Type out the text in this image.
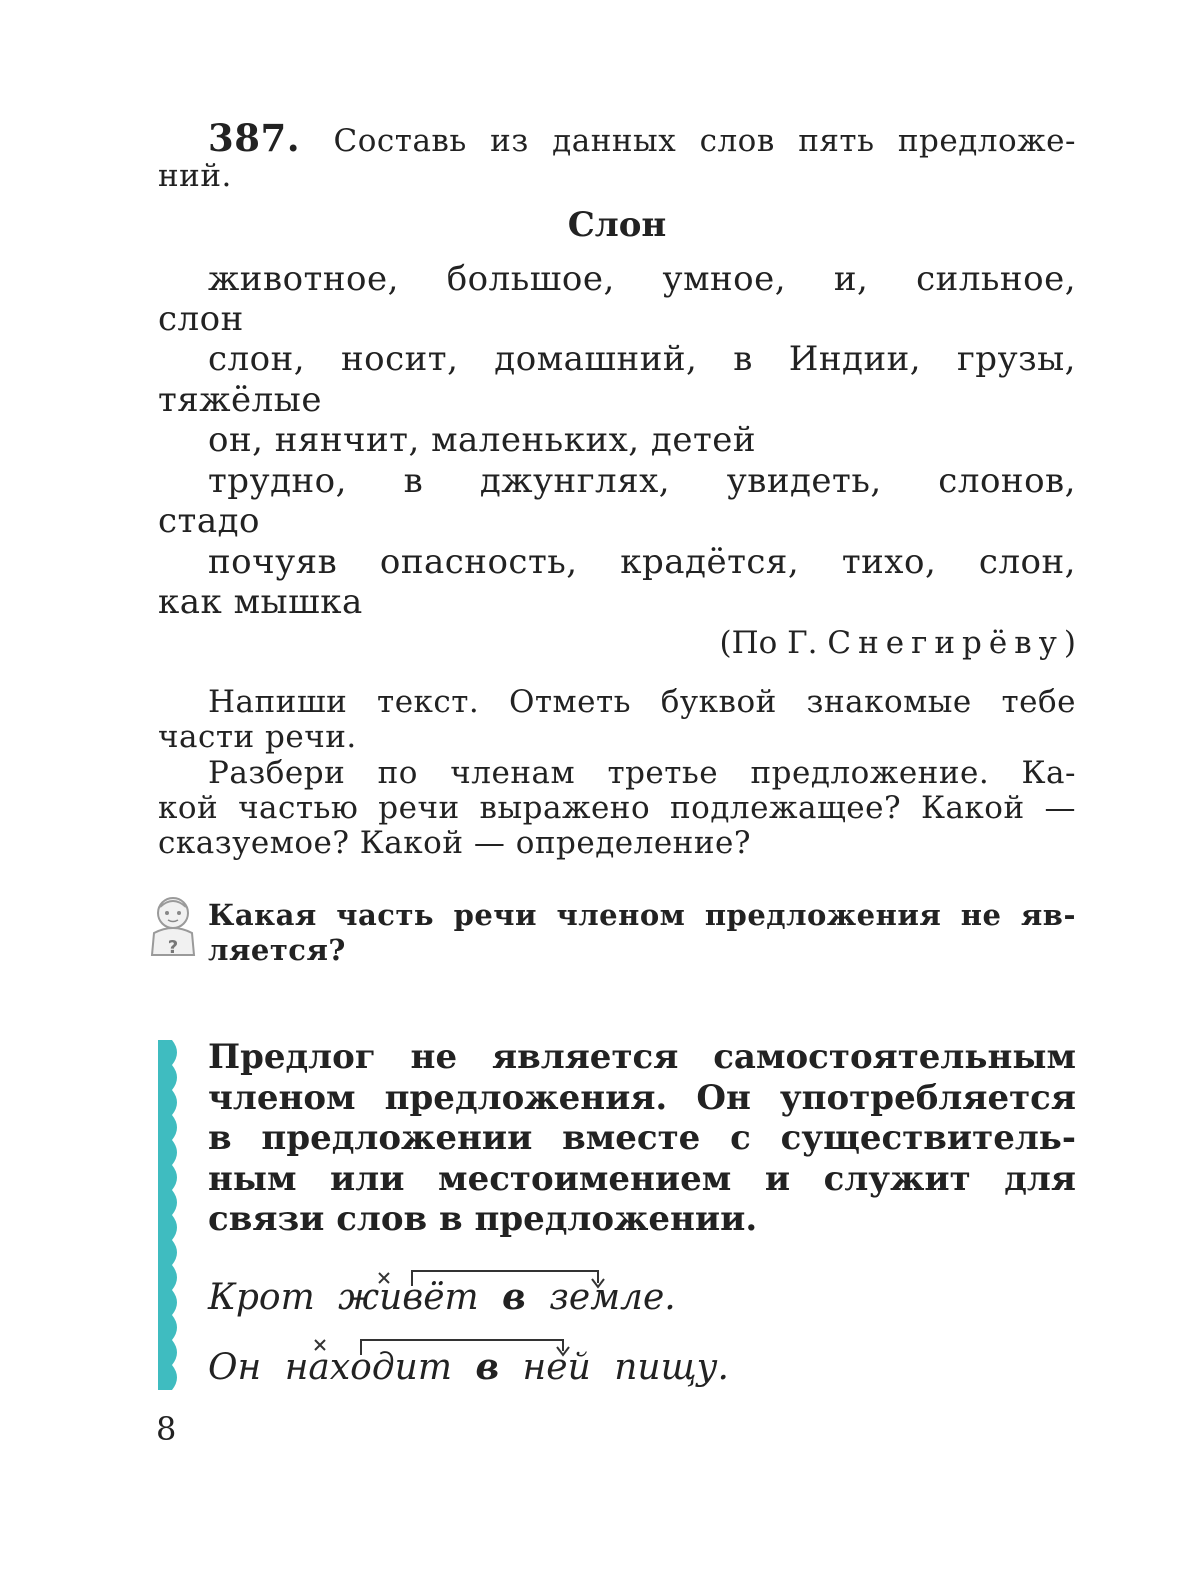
387. Составь из данных слов пять предложе-
ний.
Слон
животное, большое, умное, и, сильное,
слон
слон, носит, домашний, в Индии, грузы,
тяжёлые
он, нянчит, маленьких, детей
трудно, в джунглях, увидеть, слонов,
стадо
почуяв опасность, крадётся, тихо, слон,
как мышка
(По Г. Снегирёву)
Напиши текст. Отметь буквой знакомые тебе
части речи.
Разбери по членам третье предложение. Ка-
кой частью речи выражено подлежащее? Какой —
сказуемое? Какой — определение?
?
Какая часть речи членом предложения не яв-
ляется?
Предлог не является самостоятельным
членом предложения. Он употребляется
в предложении вместе с существитель-
ным или местоимением и служит для
связи слов в предложении.
Крот живёт в земле.
Он находит в ней пищу.
8
